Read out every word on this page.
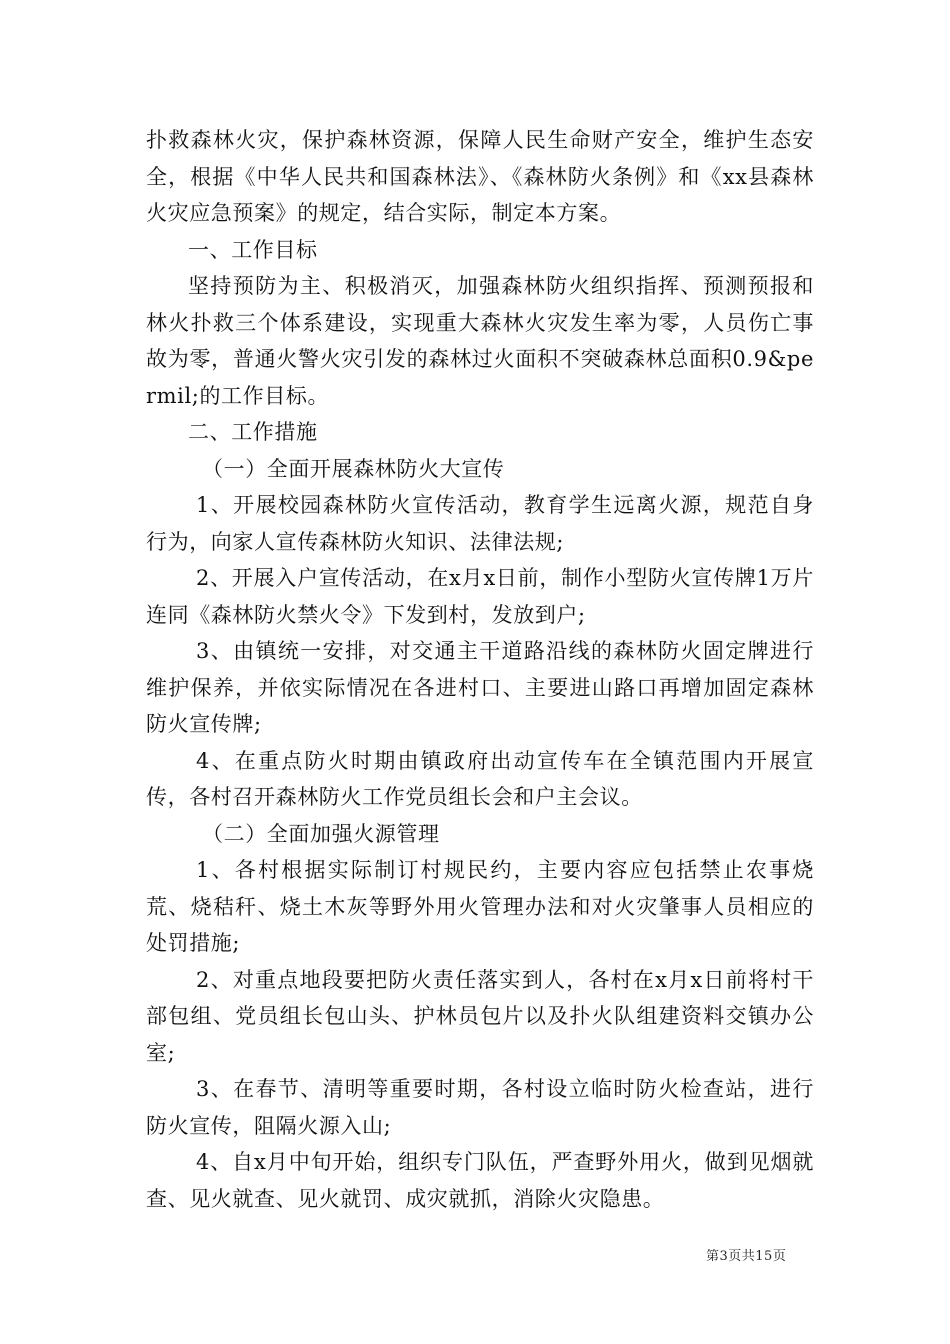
扑救森林火灾，保护森林资源，保障人民生命财产安全，维护生态安全，根据《中华人民共和国森林法》、《森林防火条例》和《xx县森林火灾应急预案》的规定，结合实际，制定本方案。

一、工作目标

坚持预防为主、积极消灭，加强森林防火组织指挥、预测预报和林火扑救三个体系建设，实现重大森林火灾发生率为零，人员伤亡事故为零，普通火警火灾引发的森林过火面积不突破森林总面积0.9&permil;的工作目标。

二、工作措施

（一）全面开展森林防火大宣传

1、开展校园森林防火宣传活动，教育学生远离火源，规范自身行为，向家人宣传森林防火知识、法律法规;

2、开展入户宣传活动，在x月x日前，制作小型防火宣传牌1万片连同《森林防火禁火令》下发到村，发放到户;

3、由镇统一安排，对交通主干道路沿线的森林防火固定牌进行维护保养，并依实际情况在各进村口、主要进山路口再增加固定森林防火宣传牌;

4、在重点防火时期由镇政府出动宣传车在全镇范围内开展宣传，各村召开森林防火工作党员组长会和户主会议。

（二）全面加强火源管理

1、各村根据实际制订村规民约，主要内容应包括禁止农事烧荒、烧秸秆、烧土木灰等野外用火管理办法和对火灾肇事人员相应的处罚措施;

2、对重点地段要把防火责任落实到人，各村在x月x日前将村干部包组、党员组长包山头、护林员包片以及扑火队组建资料交镇办公室;

3、在春节、清明等重要时期，各村设立临时防火检查站，进行防火宣传，阻隔火源入山;

4、自x月中旬开始，组织专门队伍，严查野外用火，做到见烟就查、见火就查、见火就罚、成灾就抓，消除火灾隐患。

第3页共15页
